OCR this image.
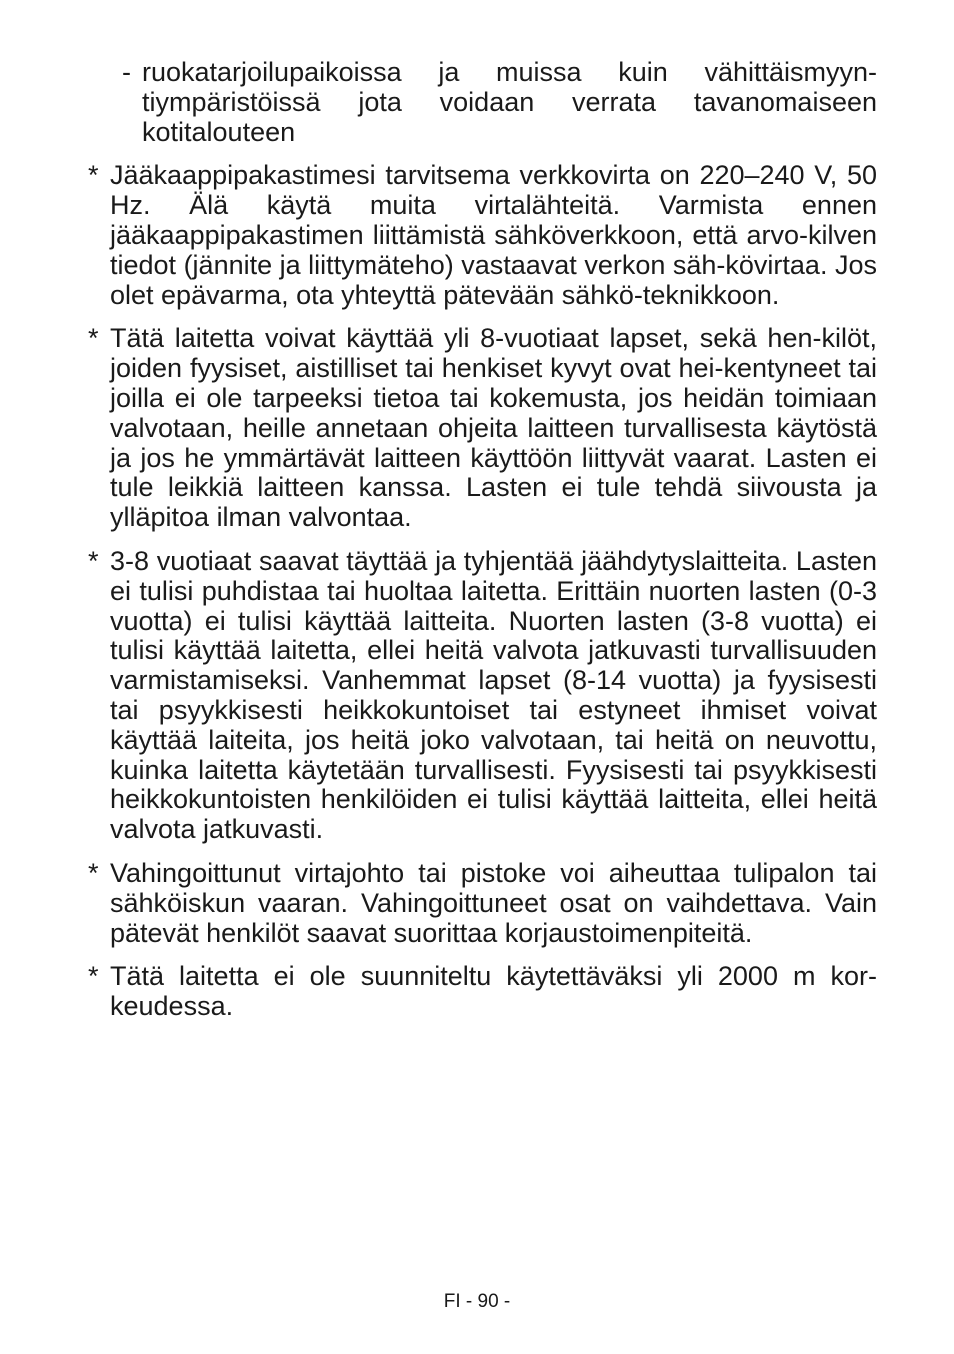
- ruokatarjoilupaikoissa ja muissa kuin vähittäismyyn-tiympäristöissä jota voidaan verrata tavanomaiseen kotitalouteen
* Jääkaappipakastimesi tarvitsema verkkovirta on 220–240 V, 50 Hz. Älä käytä muita virtalähteitä. Varmista ennen jääkaappipakastimen liittämistä sähköverkkoon, että arvo-kilven tiedot (jännite ja liittymäteho) vastaavat verkon säh-kövirtaa. Jos olet epävarma, ota yhteyttä pätevään sähkö-teknikkoon.
* Tätä laitetta voivat käyttää yli 8-vuotiaat lapset, sekä hen-kilöt, joiden fyysiset, aistilliset tai henkiset kyvyt ovat hei-kentyneet tai joilla ei ole tarpeeksi tietoa tai kokemusta, jos heidän toimiaan valvotaan, heille annetaan ohjeita laitteen turvallisesta käytöstä ja jos he ymmärtävät laitteen käyttöön liittyvät vaarat. Lasten ei tule leikkiä laitteen kanssa. Lasten ei tule tehdä siivousta ja ylläpitoa ilman valvontaa.
* 3-8 vuotiaat saavat täyttää ja tyhjentää jäähdytyslaitteita. Lasten ei tulisi puhdistaa tai huoltaa laitetta. Erittäin nuorten lasten (0-3 vuotta) ei tulisi käyttää laitteita. Nuorten lasten (3-8 vuotta) ei tulisi käyttää laitetta, ellei heitä valvota jatkuvasti turvallisuuden varmistamiseksi. Vanhemmat lapset (8-14 vuotta) ja fyysisesti tai psyykkisesti heikkokuntoiset tai estyneet ihmiset voivat käyttää laiteita, jos heitä joko valvotaan, tai heitä on neuvottu, kuinka laitetta käytetään turvallisesti. Fyysisesti tai psyykkisesti heikkokuntoisten henkilöiden ei tulisi käyttää laitteita, ellei heitä valvota jatkuvasti.
* Vahingoittunut virtajohto tai pistoke voi aiheuttaa tulipalon tai sähköiskun vaaran. Vahingoittuneet osat on vaihdettava. Vain pätevät henkilöt saavat suorittaa korjaustoimenpiteitä.
* Tätä laitetta ei ole suunniteltu käytettäväksi yli 2000 m kor-keudessa.
FI - 90 -
